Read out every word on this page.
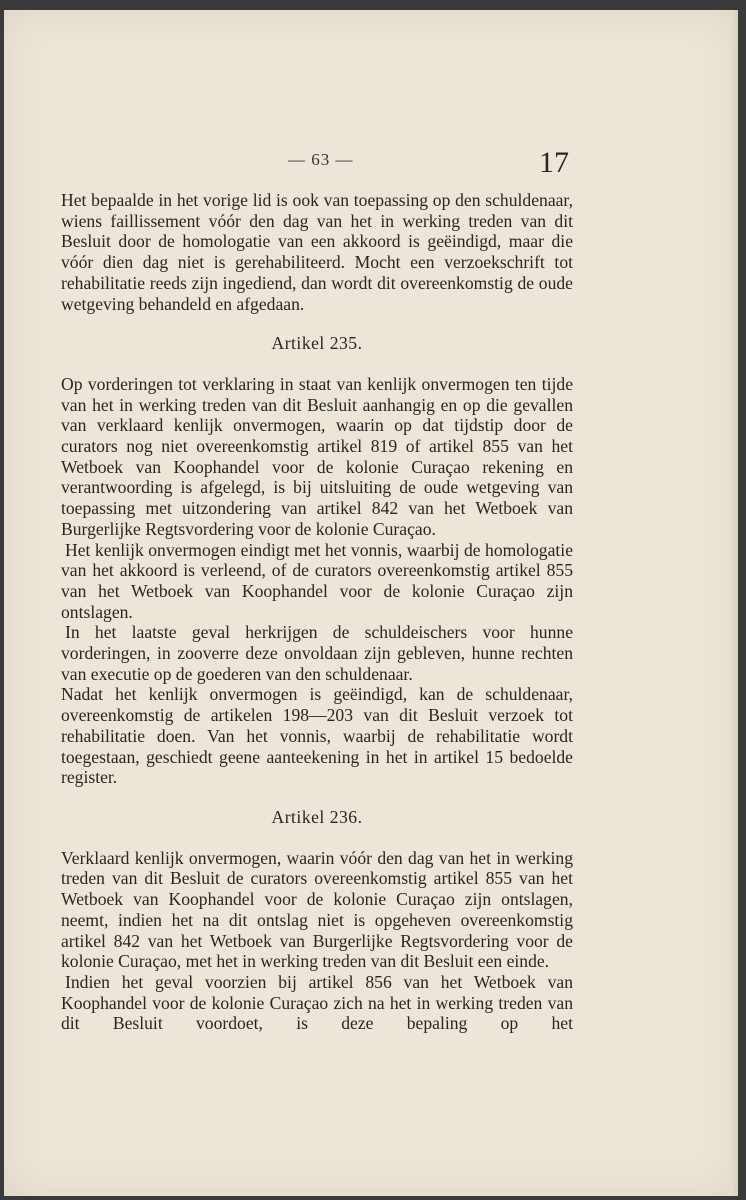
— 63 —	17

Het bepaalde in het vorige lid is ook van toepassing op den schuldenaar, wiens faillissement vóór den dag van het in werking treden van dit Besluit door de homologatie van een akkoord is geëindigd, maar die vóór dien dag niet is gerehabiliteerd. Mocht een verzoekschrift tot rehabilitatie reeds zijn ingediend, dan wordt dit overeenkomstig de oude wetgeving behandeld en afgedaan.

Artikel 235.

Op vorderingen tot verklaring in staat van kenlijk onvermogen ten tijde van het in werking treden van dit Besluit aanhangig en op die gevallen van verklaard kenlijk onvermogen, waarin op dat tijdstip door de curators nog niet overeenkomstig artikel 819 of artikel 855 van het Wetboek van Koophandel voor de kolonie Curaçao rekening en verantwoording is afgelegd, is bij uitsluiting de oude wetgeving van toepassing met uitzondering van artikel 842 van het Wetboek van Burgerlijke Regtsvordering voor de kolonie Curaçao.

Het kenlijk onvermogen eindigt met het vonnis, waarbij de homologatie van het akkoord is verleend, of de curators overeenkomstig artikel 855 van het Wetboek van Koophandel voor de kolonie Curaçao zijn ontslagen.

In het laatste geval herkrijgen de schuldeischers voor hunne vorderingen, in zooverre deze onvoldaan zijn gebleven, hunne rechten van executie op de goederen van den schuldenaar.

Nadat het kenlijk onvermogen is geëindigd, kan de schuldenaar, overeenkomstig de artikelen 198—203 van dit Besluit verzoek tot rehabilitatie doen. Van het vonnis, waarbij de rehabilitatie wordt toegestaan, geschiedt geene aanteekening in het in artikel 15 bedoelde register.

Artikel 236.

Verklaard kenlijk onvermogen, waarin vóór den dag van het in werking treden van dit Besluit de curators overeenkomstig artikel 855 van het Wetboek van Koophandel voor de kolonie Curaçao zijn ontslagen, neemt, indien het na dit ontslag niet is opgeheven overeenkomstig artikel 842 van het Wetboek van Burgerlijke Regtsvordering voor de kolonie Curaçao, met het in werking treden van dit Besluit een einde.

Indien het geval voorzien bij artikel 856 van het Wetboek van Koophandel voor de kolonie Curaçao zich na het in werking treden van dit Besluit voordoet, is deze bepaling op het
